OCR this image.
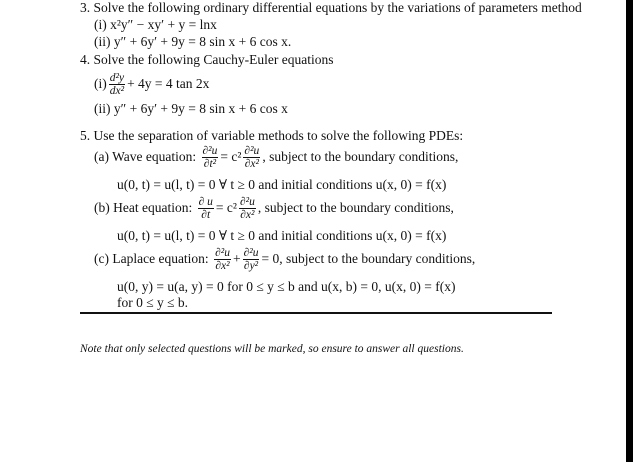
3. Solve the following ordinary differential equations by the variations of parameters method
(i) x²y″ − xy′ + y = lnx
(ii) y″ + 6y′ + 9y = 8 sin x + 6 cos x.
4. Solve the following Cauchy-Euler equations
$(i) \frac{\text{d²y}}{\text{dx²}} + 4y = 4$ tan 2x
(ii) y″ + 6y′ + 9y = 8 sin x + 6 cos x
5. Use the separation of variable methods to solve the following PDEs:
(a) Wave equation: $\frac{\text{∂²u}}{\text{∂t²}} = c^2 \frac{\text{∂²u}}{\text{∂x²}}$ , subject to the boundary conditions,
u(0, t) = u(l, t) = 0 ∀ t ≥ 0 and initial conditions u(x, 0) = f(x)
(b) Heat equation: $\frac{\partial u}{\partial t} = c^2 \frac{\text{∂²u}}{\text{∂x²}}$ , subject to the boundary conditions,
u(0, t) = u(l, t) = 0 ∀ t ≥ 0 and initial conditions u(x, 0) = f(x)
(c) Laplace equation: $\frac{\text{∂²u}}{\text{∂x²}} + \frac{\text{∂²u}}{\text{∂y²}} = 0$, subject to the boundary conditions,
u(0, y) = u(a, y) = 0 for 0 ≤ y ≤ b and u(x, b) = 0, u(x, 0) = f(x)
for 0 ≤ y ≤ b.
Note that only selected questions will be marked, so ensure to answer all questions.
